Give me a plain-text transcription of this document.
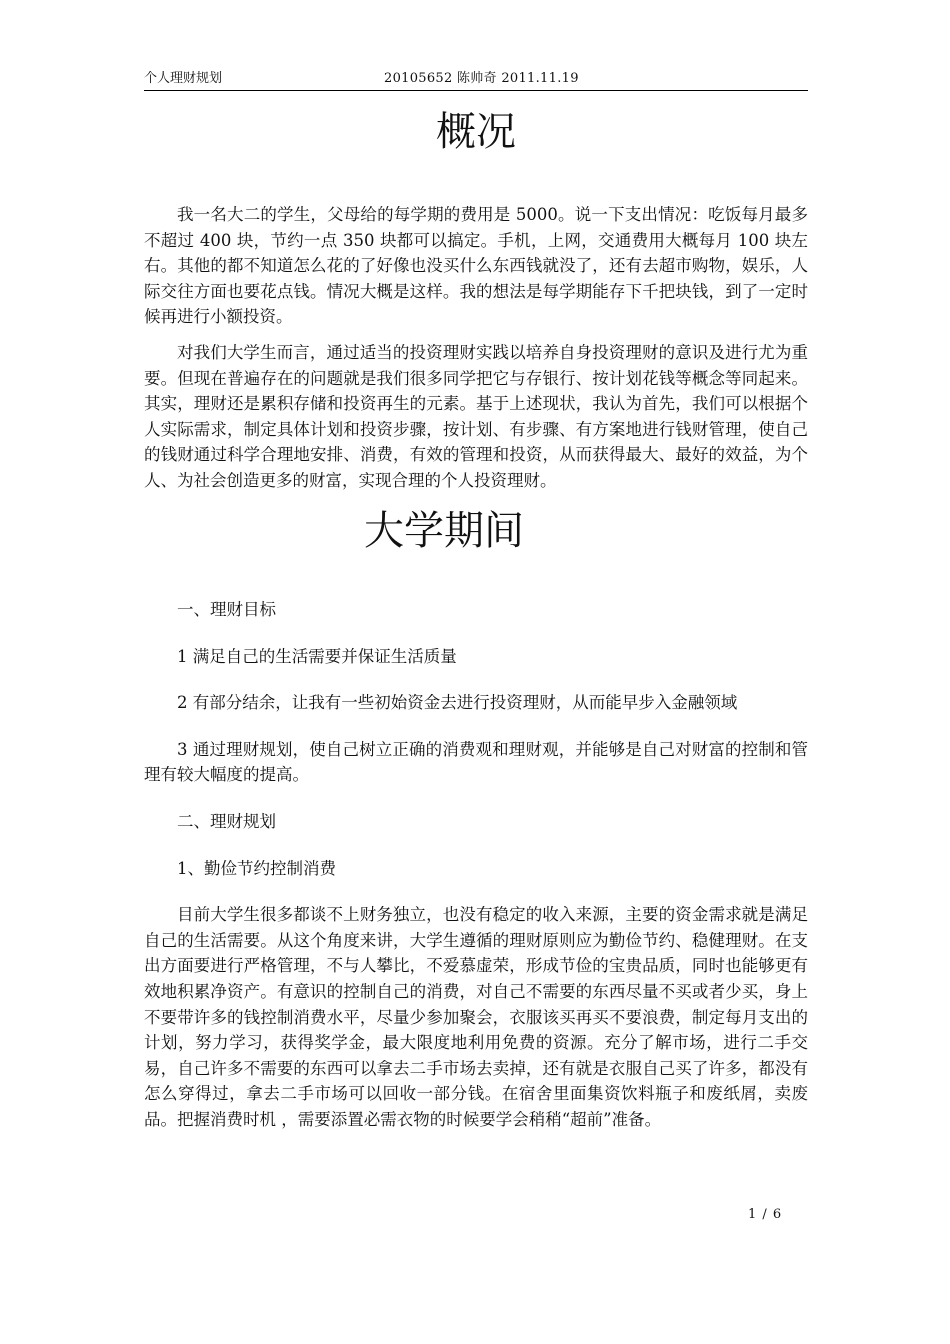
个人理财规划	20105652 陈帅奇 2011.11.19
概况

我一名大二的学生，父母给的每学期的费用是 5000。说一下支出情况：吃饭每月最多不超过 400 块，节约一点 350 块都可以搞定。手机，上网，交通费用大概每月 100 块左右。其他的都不知道怎么花的了好像也没买什么东西钱就没了，还有去超市购物，娱乐，人际交往方面也要花点钱。情况大概是这样。我的想法是每学期能存下千把块钱，到了一定时候再进行小额投资。

对我们大学生而言，通过适当的投资理财实践以培养自身投资理财的意识及进行尤为重要。但现在普遍存在的问题就是我们很多同学把它与存银行、按计划花钱等概念等同起来。其实，理财还是累积存储和投资再生的元素。基于上述现状，我认为首先，我们可以根据个人实际需求，制定具体计划和投资步骤，按计划、有步骤、有方案地进行钱财管理，使自己的钱财通过科学合理地安排、消费，有效的管理和投资，从而获得最大、最好的效益，为个人、为社会创造更多的财富，实现合理的个人投资理财。

大学期间

一、理财目标

1 满足自己的生活需要并保证生活质量

2 有部分结余，让我有一些初始资金去进行投资理财，从而能早步入金融领域

3 通过理财规划，使自己树立正确的消费观和理财观，并能够是自己对财富的控制和管理有较大幅度的提高。

二、理财规划

1、勤俭节约控制消费

目前大学生很多都谈不上财务独立，也没有稳定的收入来源，主要的资金需求就是满足自己的生活需要。从这个角度来讲，大学生遵循的理财原则应为勤俭节约、稳健理财。在支出方面要进行严格管理，不与人攀比，不爱慕虚荣，形成节俭的宝贵品质，同时也能够更有效地积累净资产。有意识的控制自己的消费，对自己不需要的东西尽量不买或者少买，身上不要带许多的钱控制消费水平，尽量少参加聚会，衣服该买再买不要浪费，制定每月支出的计划，努力学习，获得奖学金，最大限度地利用免费的资源。充分了解市场，进行二手交易，自己许多不需要的东西可以拿去二手市场去卖掉，还有就是衣服自己买了许多，都没有怎么穿得过，拿去二手市场可以回收一部分钱。在宿舍里面集资饮料瓶子和废纸屑，卖废品。把握消费时机 ，需要添置必需衣物的时候要学会稍稍“超前”准备。

1 / 6
